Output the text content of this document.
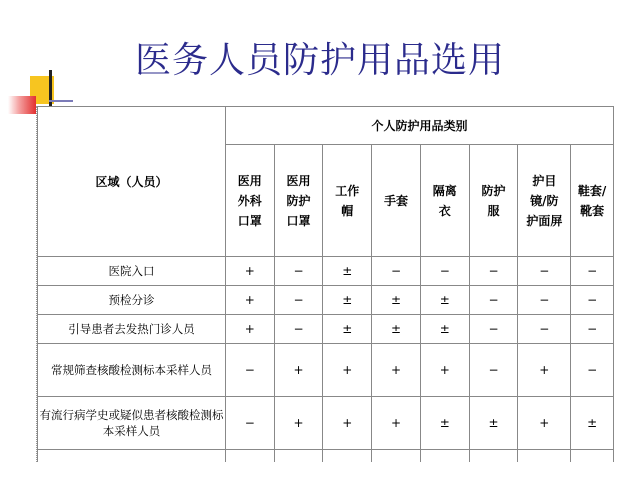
医务人员防护用品选用
区域（人员）	个人防护用品类别							
	医用外科口罩	医用防护口罩	工作帽	手套	隔离衣	防护服	护目镜/防护面屏	鞋套/靴套
医院入口	+	−	±	−	−	−	−	−
预检分诊	+	−	±	±	±	−	−	−
引导患者去发热门诊人员	+	−	±	±	±	−	−	−
常规筛查核酸检测标本采样人员	−	+	+	+	+	−	+	−
有流行病学史或疑似患者核酸检测标本采样人员	−	+	+	+	±	±	+	±
